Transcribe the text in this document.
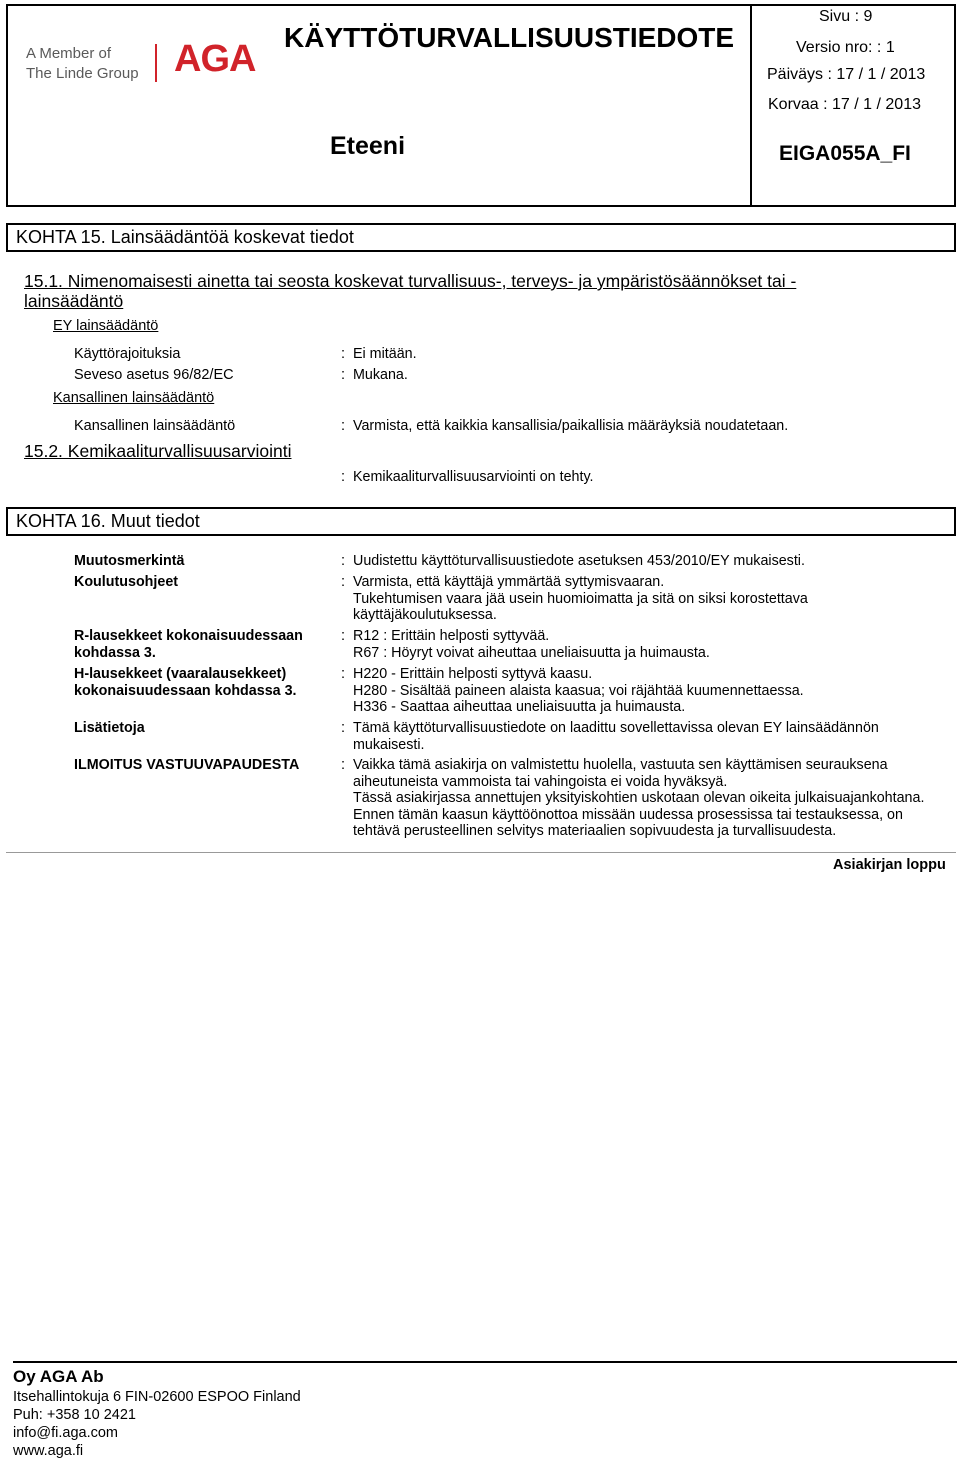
A Member of
The Linde Group AGA
KÄYTTÖTURVALLISUUSTIEDOTE
Eteeni
Sivu : 9
Versio nro: : 1
Päiväys : 17 / 1 / 2013
Korvaa : 17 / 1 / 2013
EIGA055A_FI
KOHTA 15. Lainsäädäntöä koskevat tiedot
15.1. Nimenomaisesti ainetta tai seosta koskevat turvallisuus-, terveys- ja ympäristösäännökset tai -
lainsäädäntö
EY lainsäädäntö
Käyttörajoituksia	: Ei mitään.
Seveso asetus 96/82/EC	: Mukana.
Kansallinen lainsäädäntö
Kansallinen lainsäädäntö	: Varmista, että kaikkia kansallisia/paikallisia määräyksiä noudatetaan.
15.2. Kemikaaliturvallisuusarviointi
: Kemikaaliturvallisuusarviointi on tehty.
KOHTA 16. Muut tiedot
Muutosmerkintä	: Uudistettu käyttöturvallisuustiedote asetuksen 453/2010/EY mukaisesti.
Koulutusohjeet	: Varmista, että käyttäjä ymmärtää syttymisvaaran.
Tukehtumisen vaara jää usein huomioimatta ja sitä on siksi korostettava
käyttäjäkoulutuksessa.
R-lausekkeet kokonaisuudessaan
kohdassa 3.
: R12 : Erittäin helposti syttyvää.
R67 : Höyryt voivat aiheuttaa uneliaisuutta ja huimausta.
H-lausekkeet (vaaralausekkeet)
kokonaisuudessaan kohdassa 3.
: H220 - Erittäin helposti syttyvä kaasu.
H280 - Sisältää paineen alaista kaasua; voi räjähtää kuumennettaessa.
H336 - Saattaa aiheuttaa uneliaisuutta ja huimausta.
Lisätietoja	: Tämä käyttöturvallisuustiedote on laadittu sovellettavissa olevan EY lainsäädännön
mukaisesti.
ILMOITUS VASTUUVAPAUDESTA	: Vaikka tämä asiakirja on valmistettu huolella, vastuuta sen käyttämisen seurauksena
aiheutuneista vammoista tai vahingoista ei voida hyväksyä.
Tässä asiakirjassa annettujen yksityiskohtien uskotaan olevan oikeita julkaisuajankohtana.
Ennen tämän kaasun käyttöönottoa missään uudessa prosessissa tai testauksessa, on
tehtävä perusteellinen selvitys materiaalien sopivuudesta ja turvallisuudesta.
Asiakirjan loppu
Oy AGA Ab
Itsehallintokuja 6 FIN-02600 ESPOO Finland
Puh: +358 10 2421
info@fi.aga.com
www.aga.fi
